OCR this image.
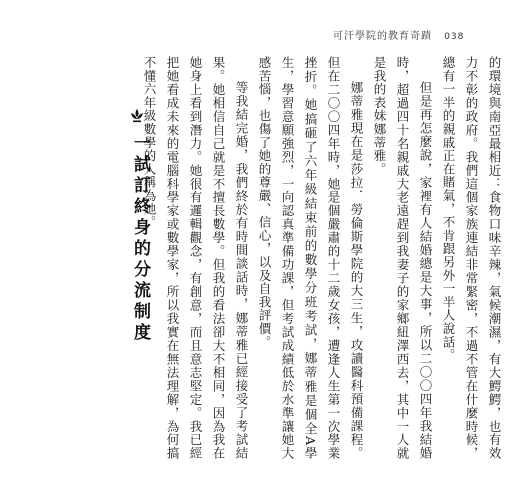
可汗學院的教育奇蹟 038

的環境與南亞最相近：食物口味辛辣，氣候潮濕，有大鰐鰐，也有效力不彰的政府。我們這個家族連結非常緊密，不過不管在什麼時候，總有一半的親戚正在賭氣，不肯跟另外一半人說話。

但是再怎麼說，家裡有人結婚總是大事，所以二〇〇四年我結婚時，超過四十名親戚大老遠趕到我妻子的家鄉紐澤西去，其中一人就是我的表妹娜蒂雅。

娜蒂雅現在是莎拉．勞倫斯學院的大三生，攻讀醫科預備課程。但在二〇〇四年時，她是個嚴肅的十二歲女孩，遭逢人生第一次學業挫折。她搞砸了六年級結束前的數學分班考試，娜蒂雅是個全A學生，學習意願強烈，一向認真準備功課，但考試成績低於水準讓她大感苦惱，也傷了她的尊嚴、信心，以及自我評價。

等我結完婚，我們終於有時間談話時，娜蒂雅已經接受了考試結果。她相信自己就是不擅長數學。但我的看法卻大不相同，因為我在她身上看到潛力。她很有邏輯觀念，有創意，而且意志堅定。我已經把她看成未來的電腦科學家或數學家，所以我實在無法理解，為何搞不懂六年級數學的人稱為她。

一試訂終身的分流制度
